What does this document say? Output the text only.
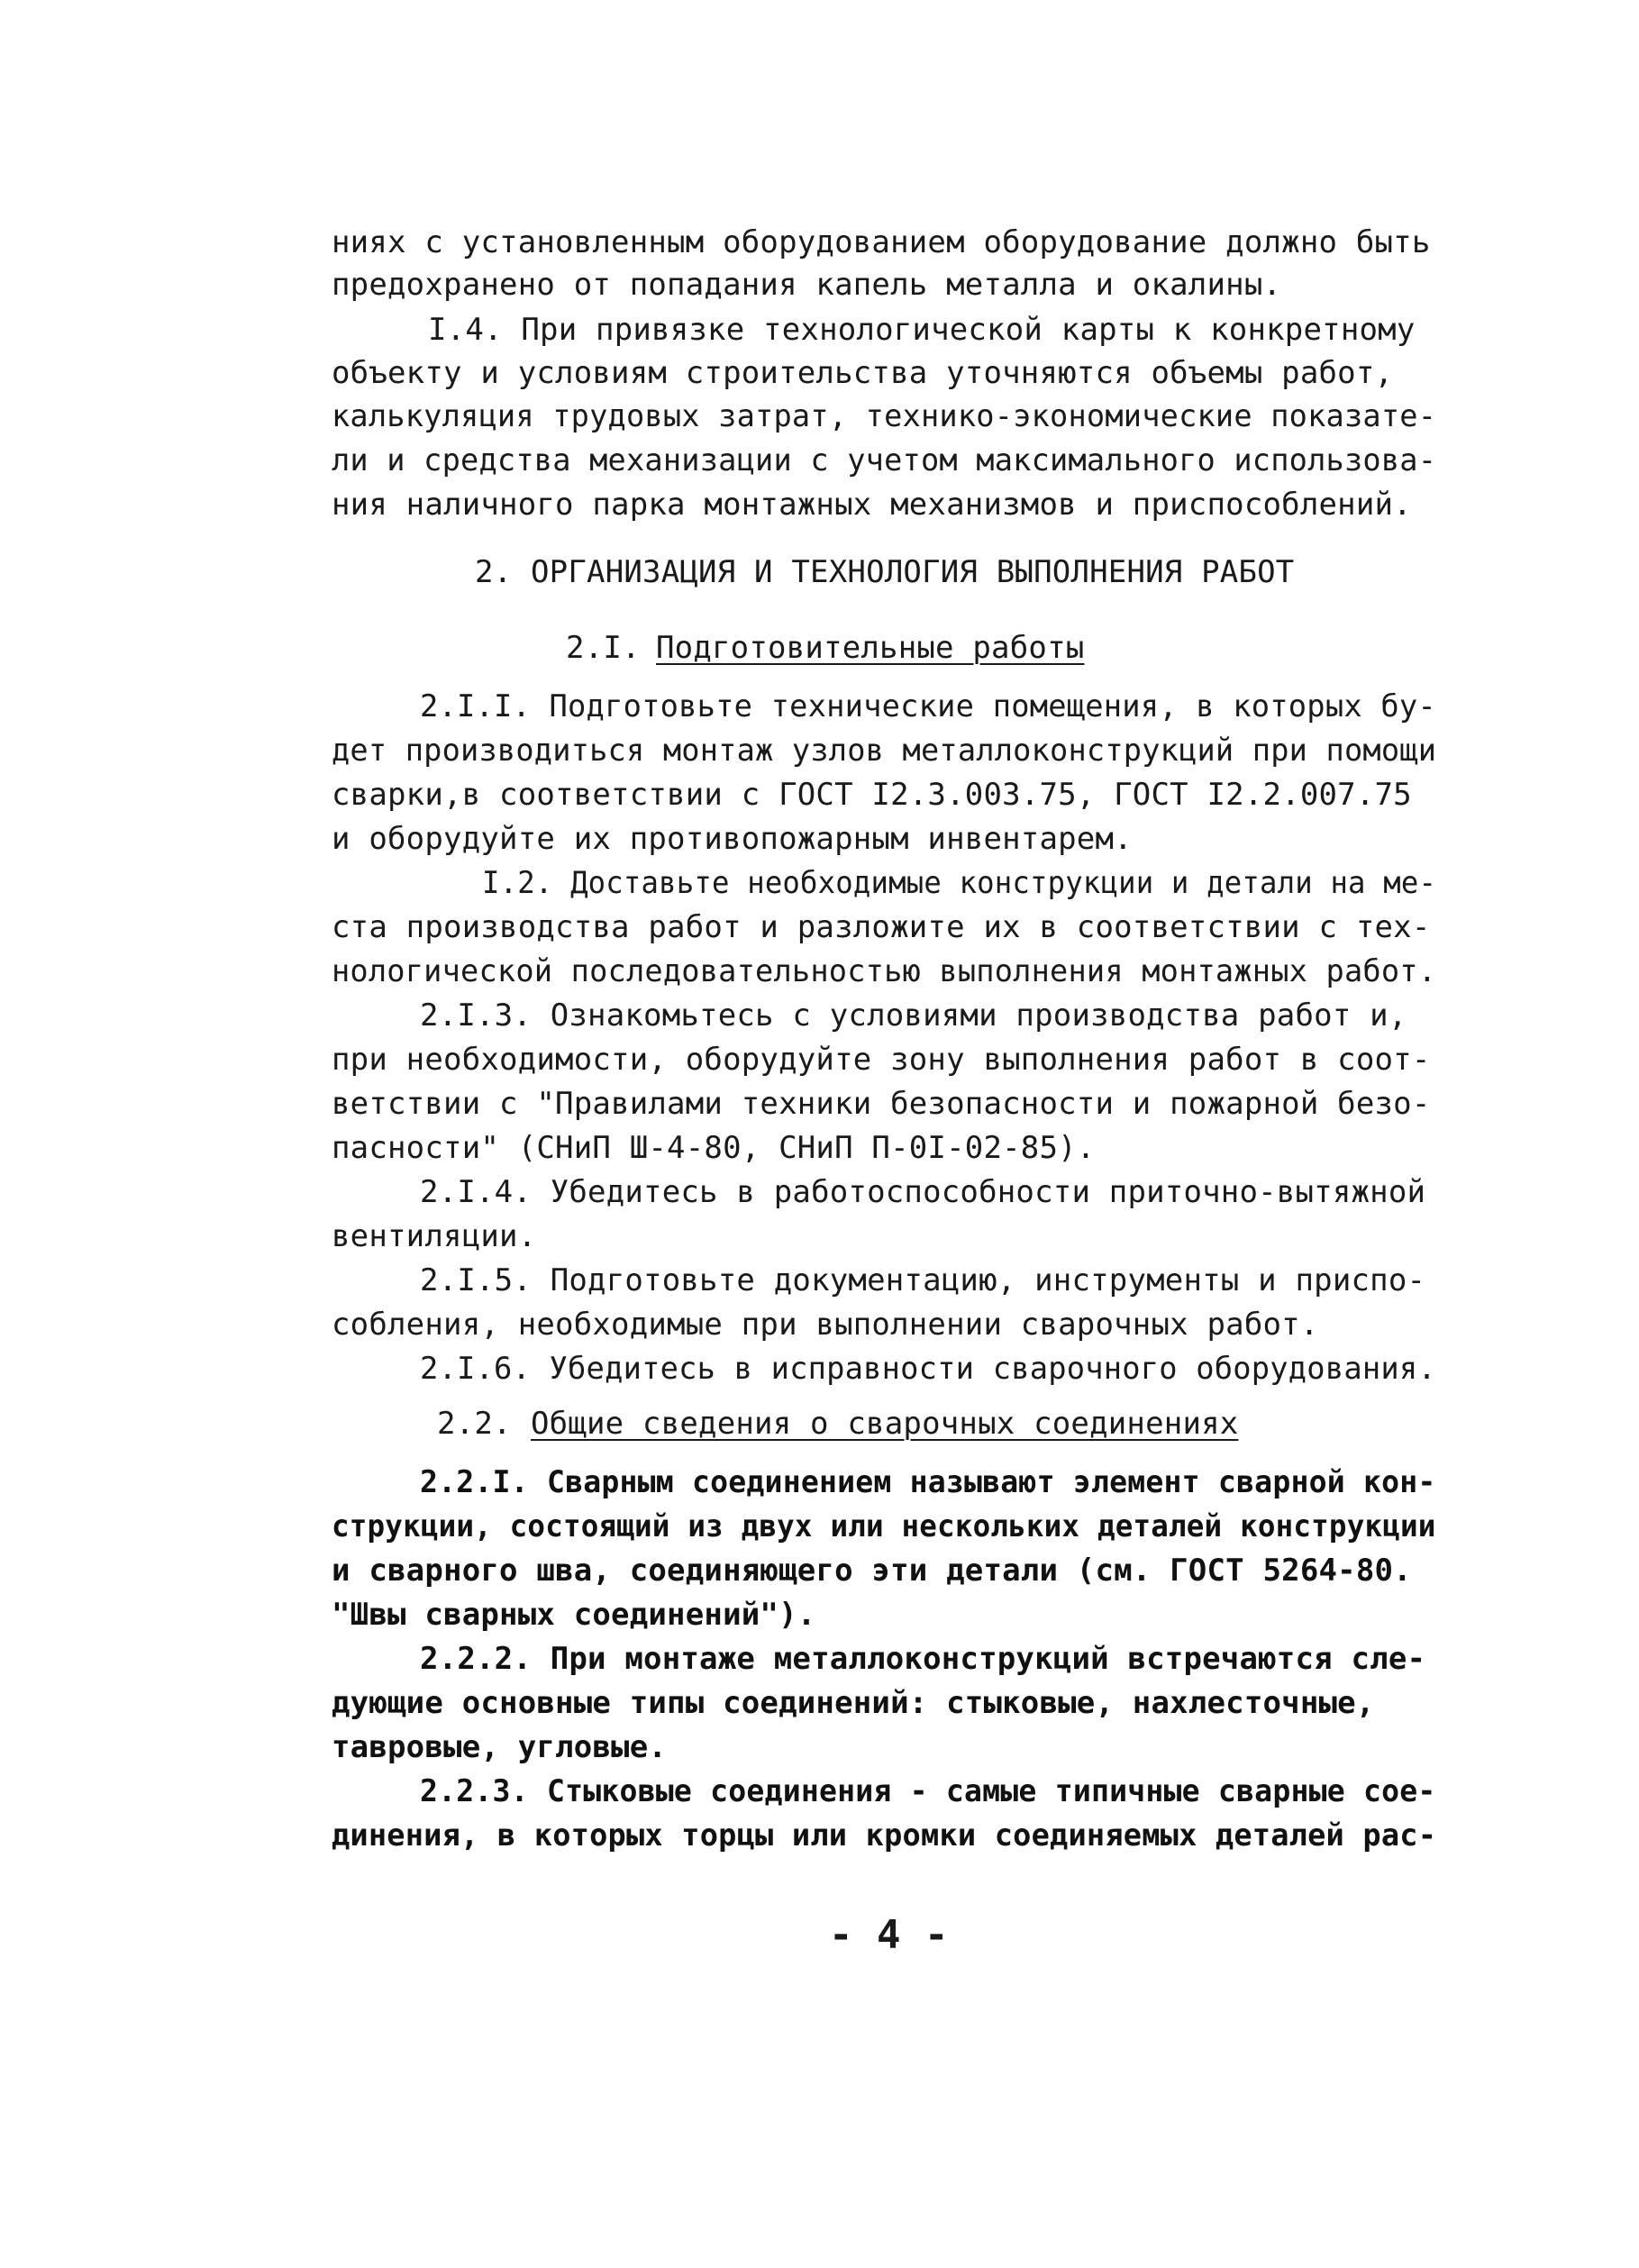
ниях с установленным оборудованием оборудование должно быть
предохранено от попадания капель металла и окалины.
I.4. При привязке технологической карты к конкретному
объекту и условиям строительства уточняются объемы работ,
калькуляция трудовых затрат, технико-экономические показате-
ли и средства механизации с учетом максимального использова-
ния наличного парка монтажных механизмов и приспособлений.
2. ОРГАНИЗАЦИЯ И ТЕХНОЛОГИЯ ВЫПОЛНЕНИЯ РАБОТ
2.I. Подготовительные работы
2.I.I. Подготовьте технические помещения, в которых бу-
дет производиться монтаж узлов металлоконструкций при помощи
сварки,в соответствии с ГОСТ I2.3.003.75, ГОСТ I2.2.007.75
и оборудуйте их противопожарным инвентарем.
I.2. Доставьте необходимые конструкции и детали на ме-
ста производства работ и разложите их в соответствии с тех-
нологической последовательностью выполнения монтажных работ.
2.I.3. Ознакомьтесь с условиями производства работ и,
при необходимости, оборудуйте зону выполнения работ в соот-
ветствии с "Правилами техники безопасности и пожарной безо-
пасности" (СНиП Ш-4-80, СНиП П-0I-02-85).
2.I.4. Убедитесь в работоспособности приточно-вытяжной
вентиляции.
2.I.5. Подготовьте документацию, инструменты и приспо-
собления, необходимые при выполнении сварочных работ.
2.I.6. Убедитесь в исправности сварочного оборудования.
2.2. Общие сведения о сварочных соединениях
2.2.I. Сварным соединением называют элемент сварной кон-
струкции, состоящий из двух или нескольких деталей конструкции
и сварного шва, соединяющего эти детали (см. ГОСТ 5264-80.
"Швы сварных соединений").
2.2.2. При монтаже металлоконструкций встречаются сле-
дующие основные типы соединений: стыковые, нахлесточные,
тавровые, угловые.
2.2.3. Стыковые соединения - самые типичные сварные сое-
динения, в которых торцы или кромки соединяемых деталей рас-
- 4 -
